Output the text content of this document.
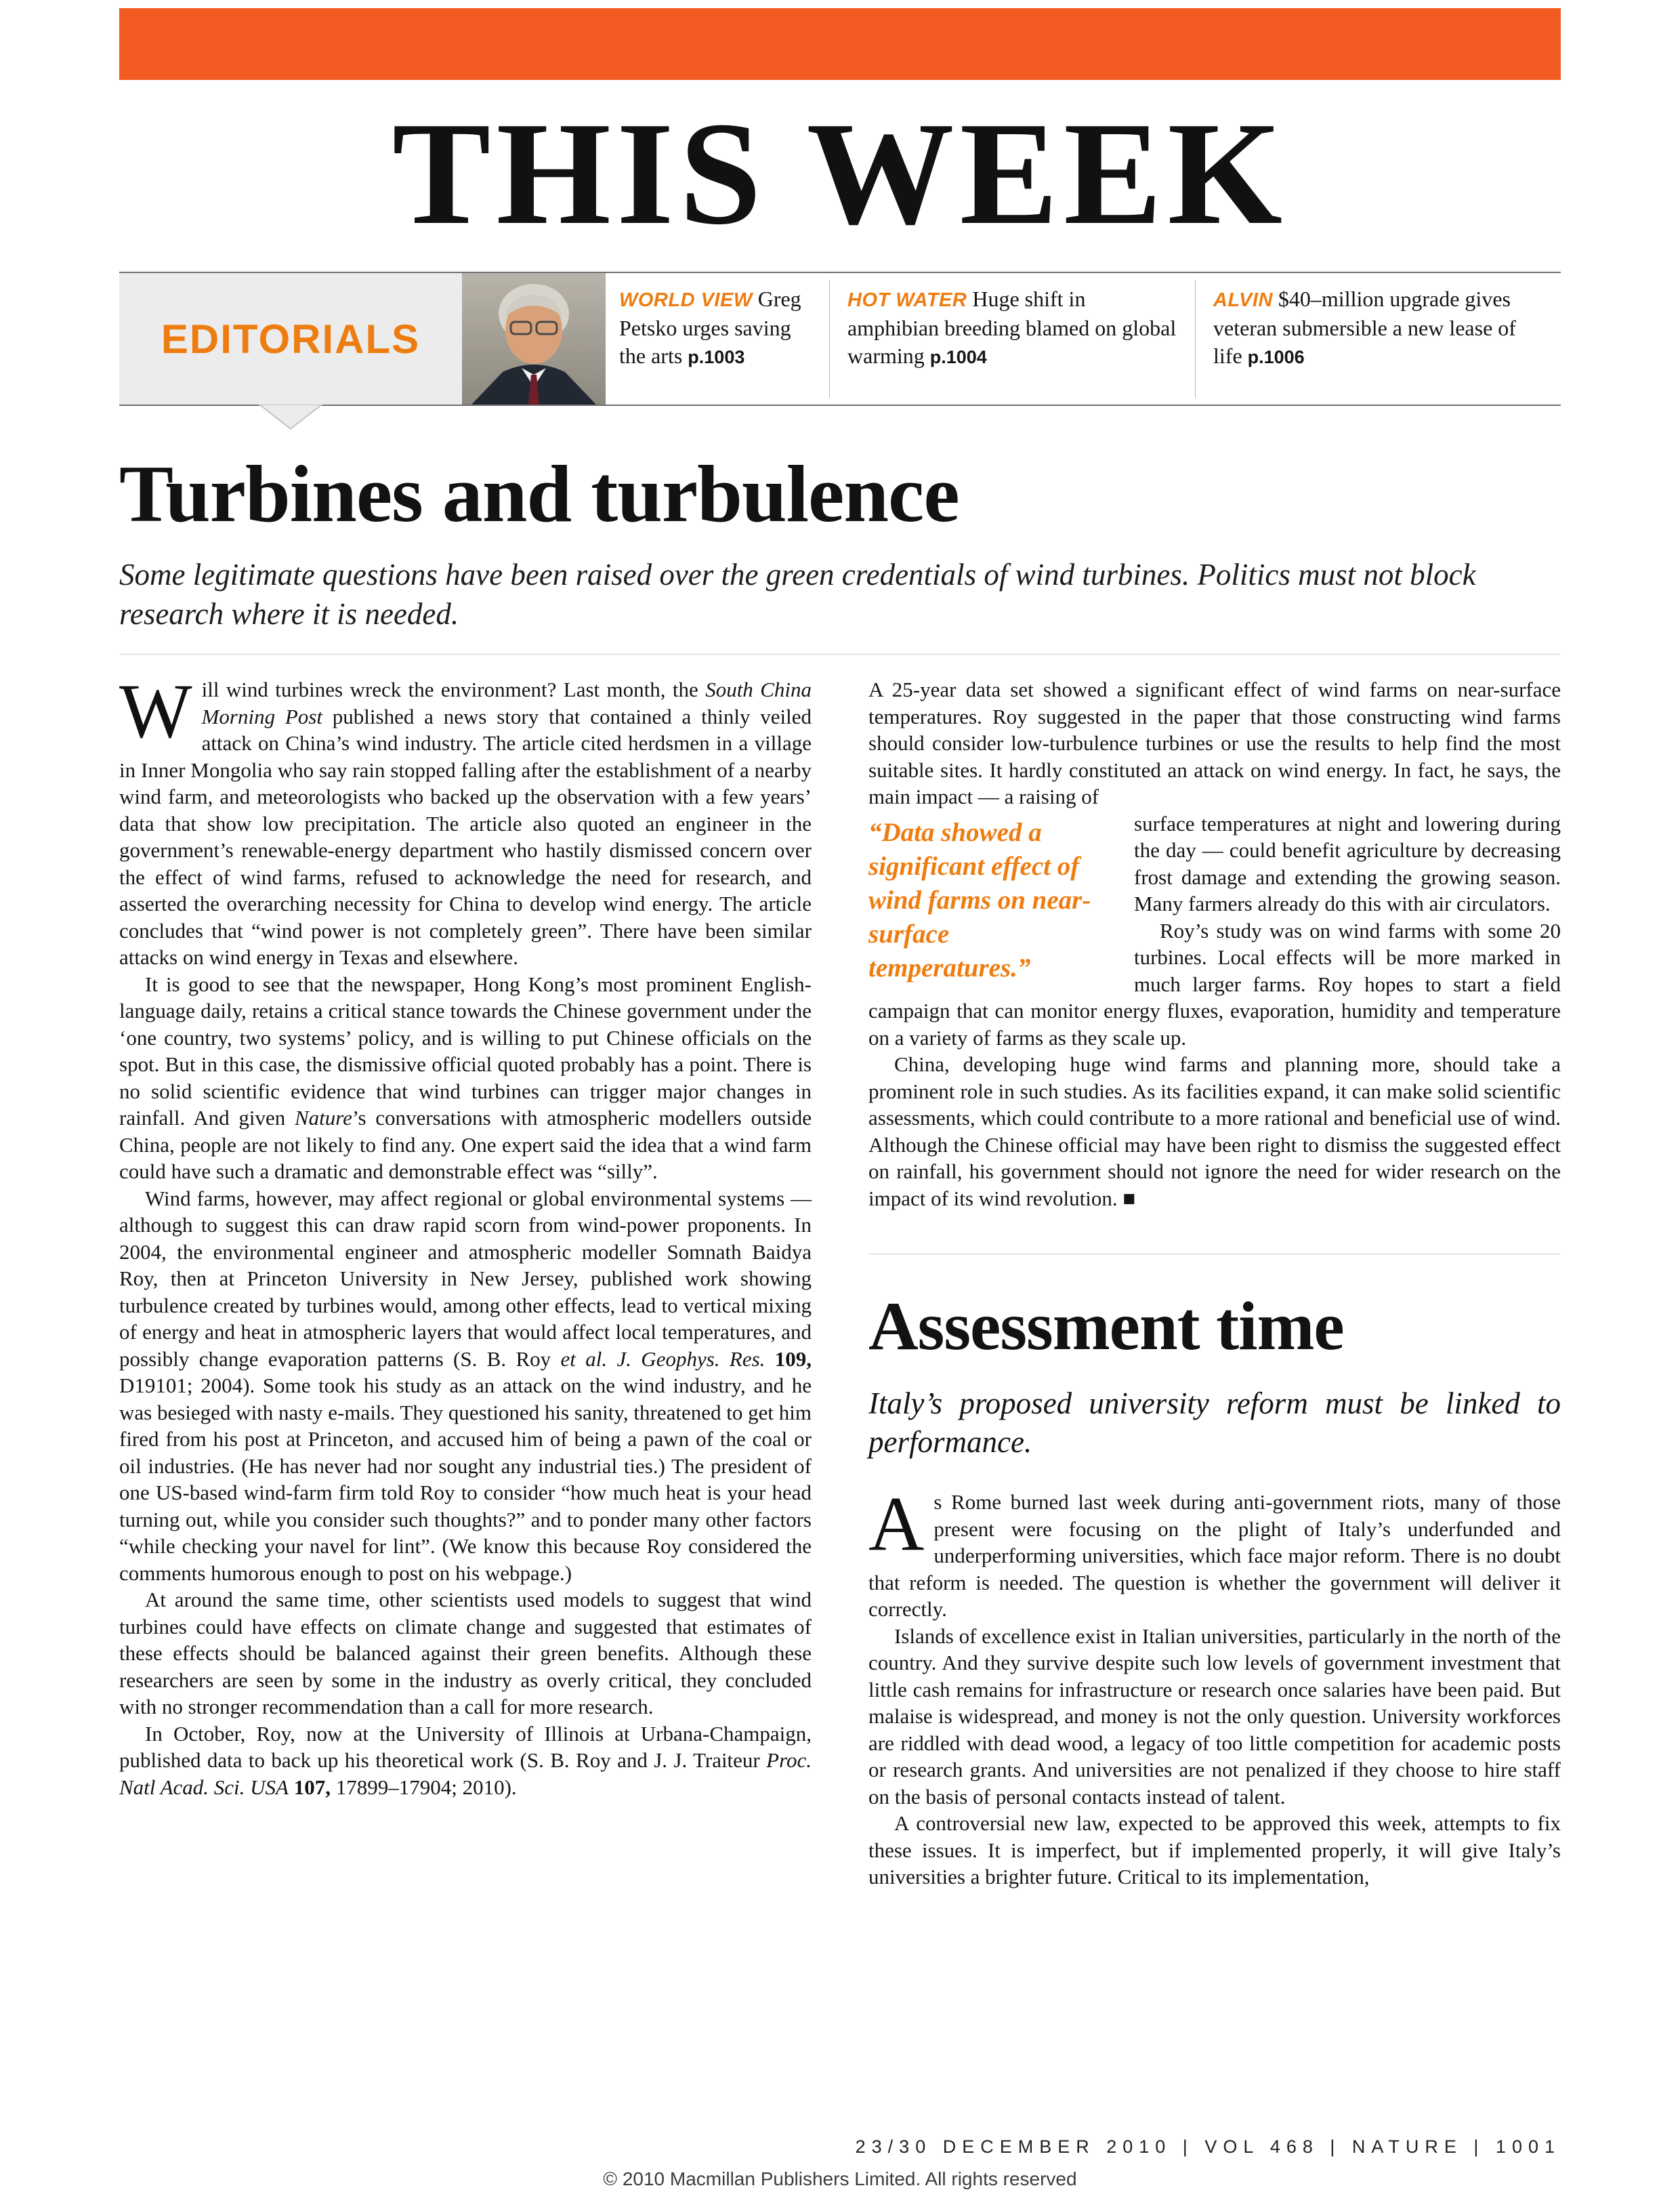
THIS WEEK
EDITORIALS
WORLD VIEW Greg Petsko urges saving the arts p.1003
HOT WATER Huge shift in amphibian breeding blamed on global warming p.1004
ALVIN $40–million upgrade gives veteran submersible a new lease of life p.1006
Turbines and turbulence

Some legitimate questions have been raised over the green credentials of wind turbines. Politics must not block research where it is needed.

Will wind turbines wreck the environment? Last month, the South China Morning Post published a news story that contained a thinly veiled attack on China’s wind industry. The article cited herdsmen in a village in Inner Mongolia who say rain stopped falling after the establishment of a nearby wind farm, and meteorologists who backed up the observation with a few years’ data that show low precipitation. The article also quoted an engineer in the government’s renewable-energy department who hastily dismissed concern over the effect of wind farms, refused to acknowledge the need for research, and asserted the overarching necessity for China to develop wind energy. The article concludes that “wind power is not completely green”. There have been similar attacks on wind energy in Texas and elsewhere.

It is good to see that the newspaper, Hong Kong’s most prominent English-language daily, retains a critical stance towards the Chinese government under the ‘one country, two systems’ policy, and is willing to put Chinese officials on the spot. But in this case, the dismissive official quoted probably has a point. There is no solid scientific evidence that wind turbines can trigger major changes in rainfall. And given Nature’s conversations with atmospheric modellers outside China, people are not likely to find any. One expert said the idea that a wind farm could have such a dramatic and demonstrable effect was “silly”.

Wind farms, however, may affect regional or global environmental systems — although to suggest this can draw rapid scorn from wind-power proponents. In 2004, the environmental engineer and atmospheric modeller Somnath Baidya Roy, then at Princeton University in New Jersey, published work showing turbulence created by turbines would, among other effects, lead to vertical mixing of energy and heat in atmospheric layers that would affect local temperatures, and possibly change evaporation patterns (S. B. Roy et al. J. Geophys. Res. 109, D19101; 2004). Some took his study as an attack on the wind industry, and he was besieged with nasty e-mails. They questioned his sanity, threatened to get him fired from his post at Princeton, and accused him of being a pawn of the coal or oil industries. (He has never had nor sought any industrial ties.) The president of one US-based wind-farm firm told Roy to consider “how much heat is your head turning out, while you consider such thoughts?” and to ponder many other factors “while checking your navel for lint”. (We know this because Roy considered the comments humorous enough to post on his webpage.)

At around the same time, other scientists used models to suggest that wind turbines could have effects on climate change and suggested that estimates of these effects should be balanced against their green benefits. Although these researchers are seen by some in the industry as overly critical, they concluded with no stronger recommendation than a call for more research.

In October, Roy, now at the University of Illinois at Urbana-Champaign, published data to back up his theoretical work (S. B. Roy and J. J. Traiteur Proc. Natl Acad. Sci. USA 107, 17899–17904; 2010).

A 25-year data set showed a significant effect of wind farms on near-surface temperatures. Roy suggested in the paper that those constructing wind farms should consider low-turbulence turbines or use the results to help find the most suitable sites. It hardly constituted an attack on wind energy. In fact, he says, the main impact — a raising of

“Data showed a significant effect of wind farms on near-surface temperatures.”

surface temperatures at night and lowering during the day — could benefit agriculture by decreasing frost damage and extending the growing season. Many farmers already do this with air circulators.

Roy’s study was on wind farms with some 20 turbines. Local effects will be more marked in much larger farms. Roy hopes to start a field campaign that can monitor energy fluxes, evaporation, humidity and temperature on a variety of farms as they scale up.

China, developing huge wind farms and planning more, should take a prominent role in such studies. As its facilities expand, it can make solid scientific assessments, which could contribute to a more rational and beneficial use of wind. Although the Chinese official may have been right to dismiss the suggested effect on rainfall, his government should not ignore the need for wider research on the impact of its wind revolution. ■

Assessment time

Italy’s proposed university reform must be linked to performance.

As Rome burned last week during anti-government riots, many of those present were focusing on the plight of Italy’s underfunded and underperforming universities, which face major reform. There is no doubt that reform is needed. The question is whether the government will deliver it correctly.

Islands of excellence exist in Italian universities, particularly in the north of the country. And they survive despite such low levels of government investment that little cash remains for infrastructure or research once salaries have been paid. But malaise is widespread, and money is not the only question. University workforces are riddled with dead wood, a legacy of too little competition for academic posts or research grants. And universities are not penalized if they choose to hire staff on the basis of personal contacts instead of talent.

A controversial new law, expected to be approved this week, attempts to fix these issues. It is imperfect, but if implemented properly, it will give Italy’s universities a brighter future. Critical to its implementation,

23/30 DECEMBER 2010 | VOL 468 | NATURE | 1001
© 2010 Macmillan Publishers Limited. All rights reserved
